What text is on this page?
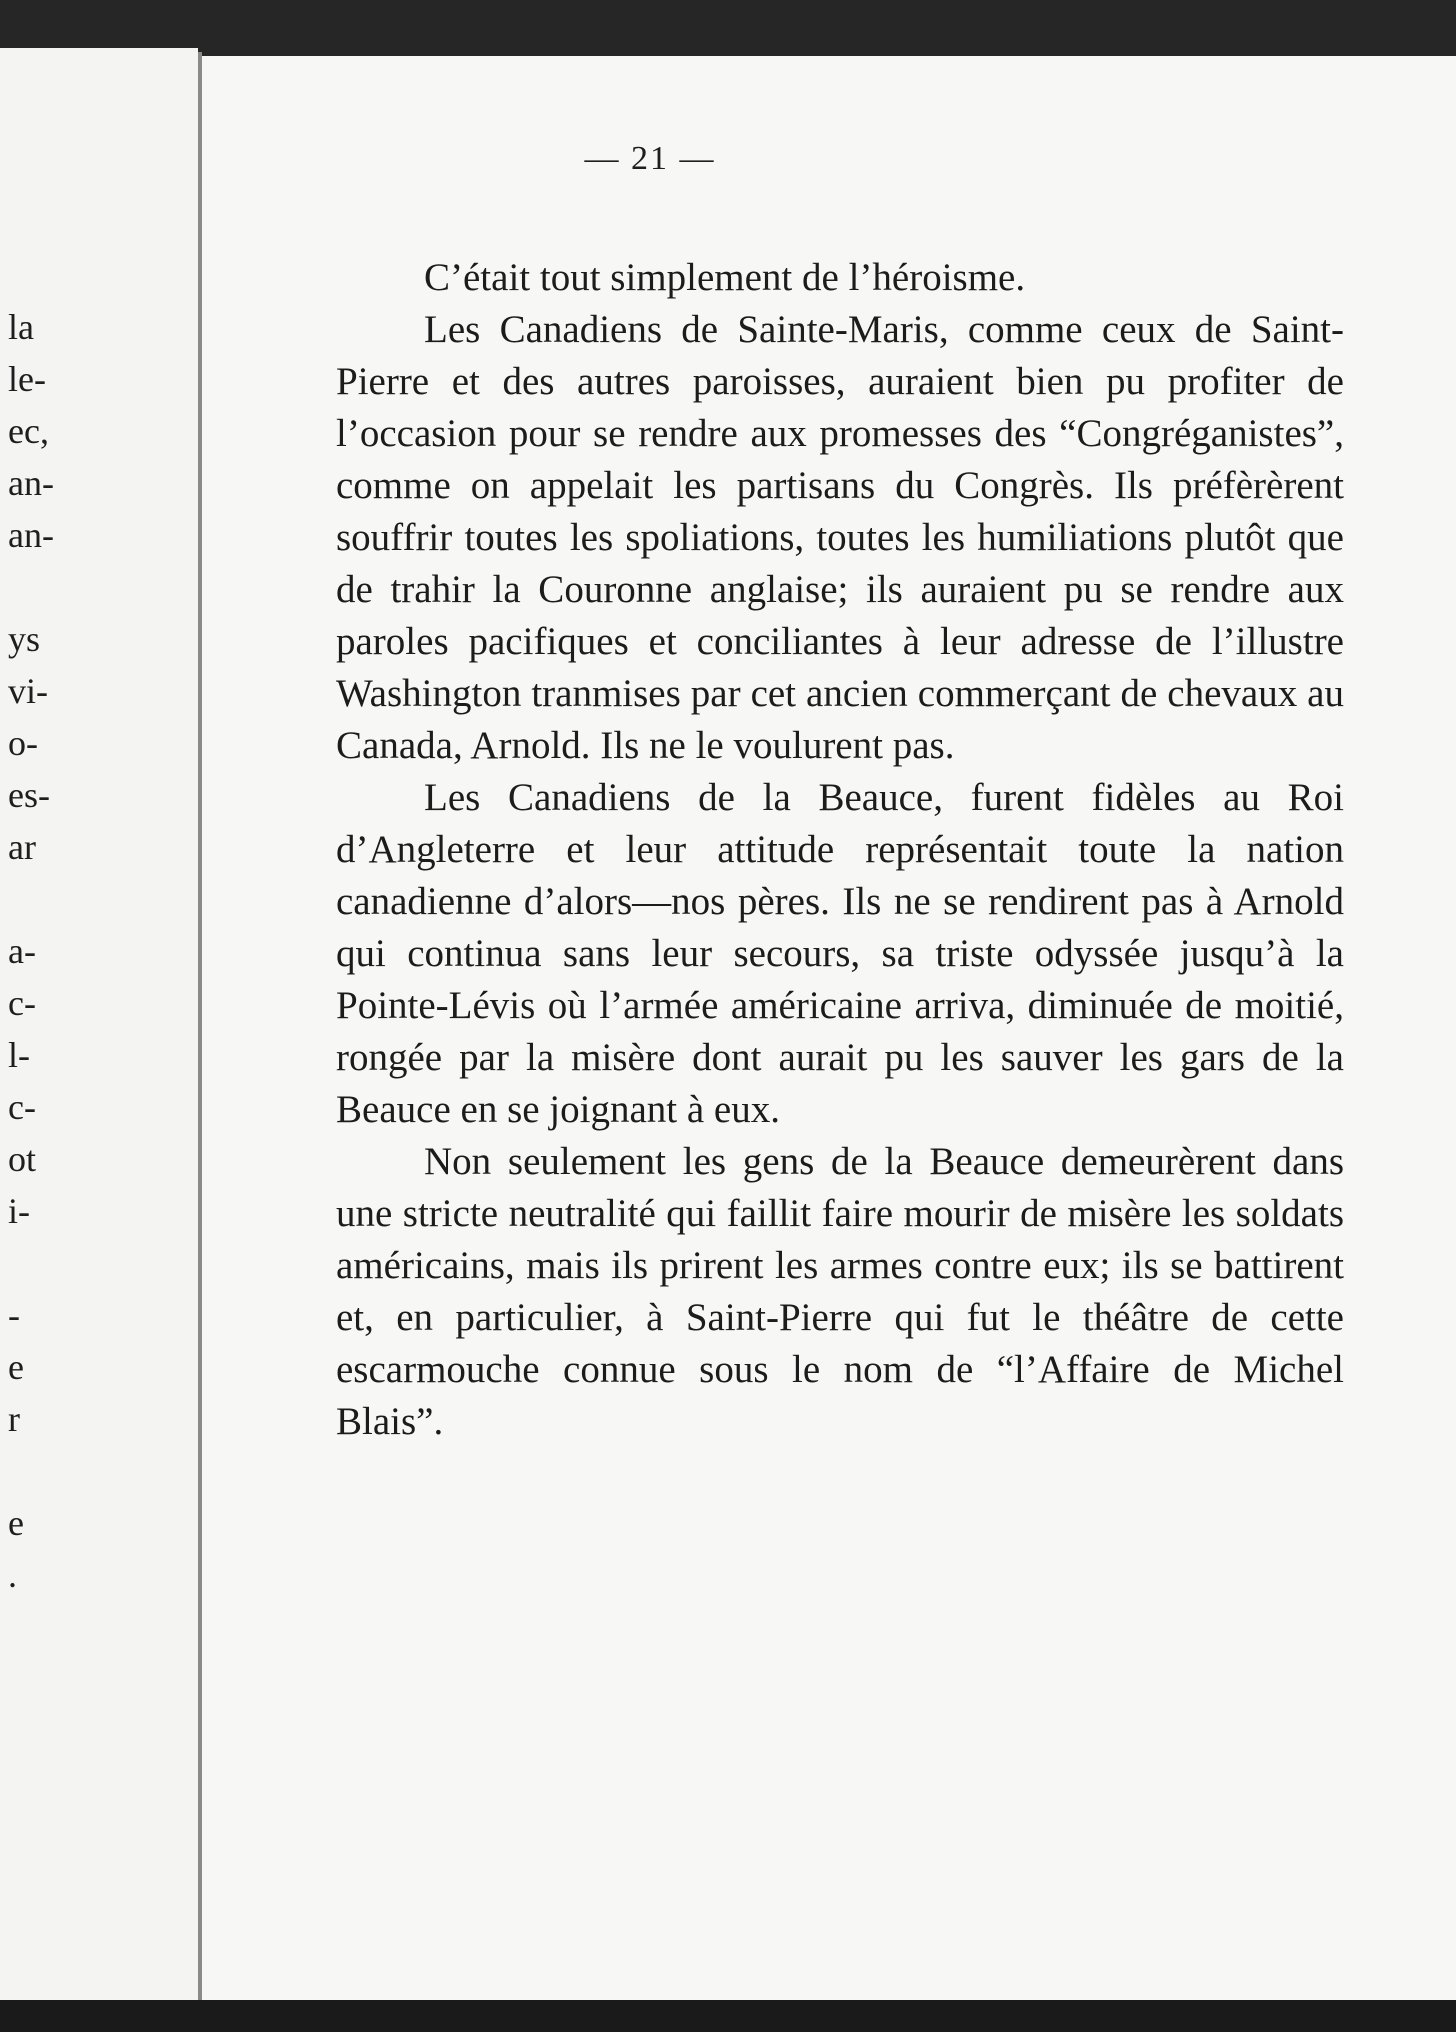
la
le-
ec,
an-
an-
ys
vi-
o-
es-
ar
a-
c-
l-
c-
ot
i-
-
e
r
e
.
— 21 —

C’était tout simplement de l’héroisme.

Les Canadiens de Sainte-Maris, comme ceux de Saint-Pierre et des autres paroisses, auraient bien pu profiter de l’occasion pour se rendre aux promesses des “Congréganistes”, comme on appelait les partisans du Congrès. Ils préfèrèrent souffrir toutes les spoliations, toutes les humiliations plutôt que de trahir la Couronne anglaise; ils auraient pu se rendre aux paroles pacifiques et conciliantes à leur adresse de l’illustre Washington tranmises par cet ancien commerçant de chevaux au Canada, Arnold. Ils ne le voulurent pas.

Les Canadiens de la Beauce, furent fidèles au Roi d’Angleterre et leur attitude représentait toute la nation canadienne d’alors—nos pères. Ils ne se rendirent pas à Arnold qui continua sans leur secours, sa triste odyssée jusqu’à la Pointe-Lévis où l’armée américaine arriva, diminuée de moitié, rongée par la misère dont aurait pu les sauver les gars de la Beauce en se joignant à eux.

Non seulement les gens de la Beauce demeurèrent dans une stricte neutralité qui faillit faire mourir de misère les soldats américains, mais ils prirent les armes contre eux; ils se battirent et, en particulier, à Saint-Pierre qui fut le théâtre de cette escarmouche connue sous le nom de “l’Affaire de Michel Blais”.
